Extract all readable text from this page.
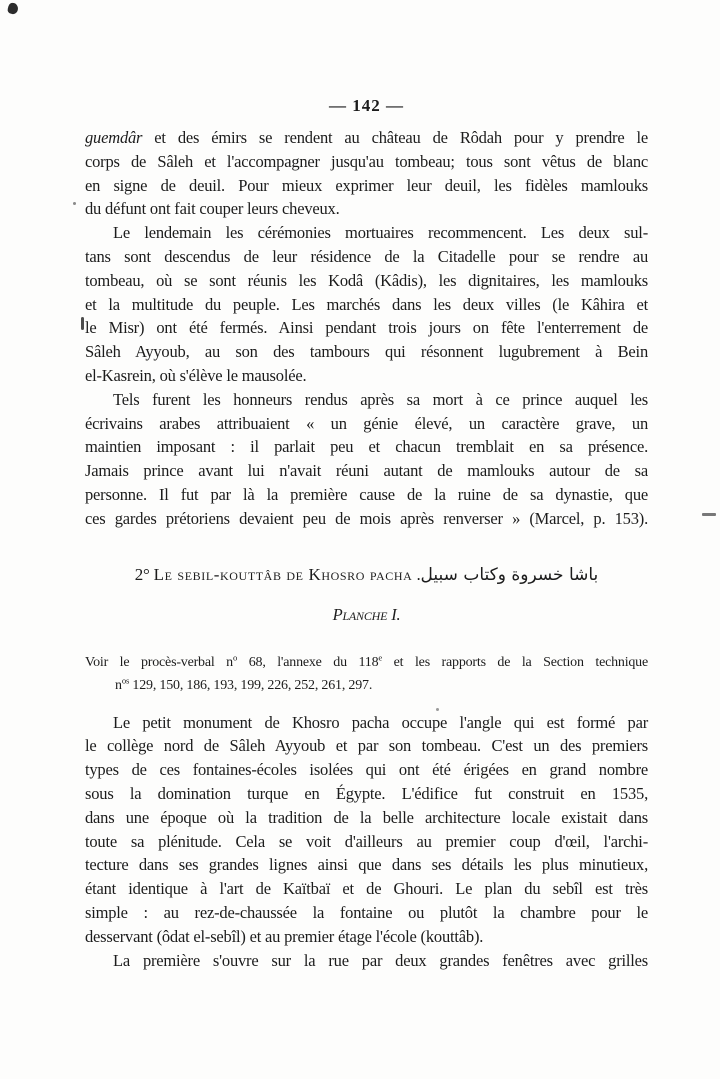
— 142 —
guemdâr et des émirs se rendent au château de Rôdah pour y prendre le
corps de Sâleh et l'accompagner jusqu'au tombeau; tous sont vêtus de blanc
en signe de deuil. Pour mieux exprimer leur deuil, les fidèles mamlouks
du défunt ont fait couper leurs cheveux.
Le lendemain les cérémonies mortuaires recommencent. Les deux sul-
tans sont descendus de leur résidence de la Citadelle pour se rendre au
tombeau, où se sont réunis les Kodâ (Kâdis), les dignitaires, les mamlouks
et la multitude du peuple. Les marchés dans les deux villes (le Kâhira et
le Misr) ont été fermés. Ainsi pendant trois jours on fête l'enterrement de
Sâleh Ayyoub, au son des tambours qui résonnent lugubrement à Bein
el-Kasrein, où s'élève le mausolée.
Tels furent les honneurs rendus après sa mort à ce prince auquel les
écrivains arabes attribuaient « un génie élevé, un caractère grave, un
maintien imposant : il parlait peu et chacun tremblait en sa présence.
Jamais prince avant lui n'avait réuni autant de mamlouks autour de sa
personne. Il fut par là la première cause de la ruine de sa dynastie, que
ces gardes prétoriens devaient peu de mois après renverser » (Marcel, p. 153).
2° Le sebil-kouttâb de Khosro pacha .سبيل‎ وكتاب‎ خسروة‎ باشا
Planche I.
Voir le procès-verbal $n^o$ 68, l'annexe du 118e et les rapports de la Section technique
$n^{os}$ 129, 150, 186, 193, 199, 226, 252, 261, 297.
Le petit monument de Khosro pacha occupe l'angle qui est formé par
le collège nord de Sâleh Ayyoub et par son tombeau. C'est un des premiers
types de ces fontaines-écoles isolées qui ont été érigées en grand nombre
sous la domination turque en Égypte. L'édifice fut construit en 1535,
dans une époque où la tradition de la belle architecture locale existait dans
toute sa plénitude. Cela se voit d'ailleurs au premier coup d'œil, l'archi-
tecture dans ses grandes lignes ainsi que dans ses détails les plus minutieux,
étant identique à l'art de Kaïtbaï et de Ghouri. Le plan du sebîl est très
simple : au rez-de-chaussée la fontaine ou plutôt la chambre pour le
desservant (ôdat el-sebîl) et au premier étage l'école (kouttâb).
La première s'ouvre sur la rue par deux grandes fenêtres avec grilles
